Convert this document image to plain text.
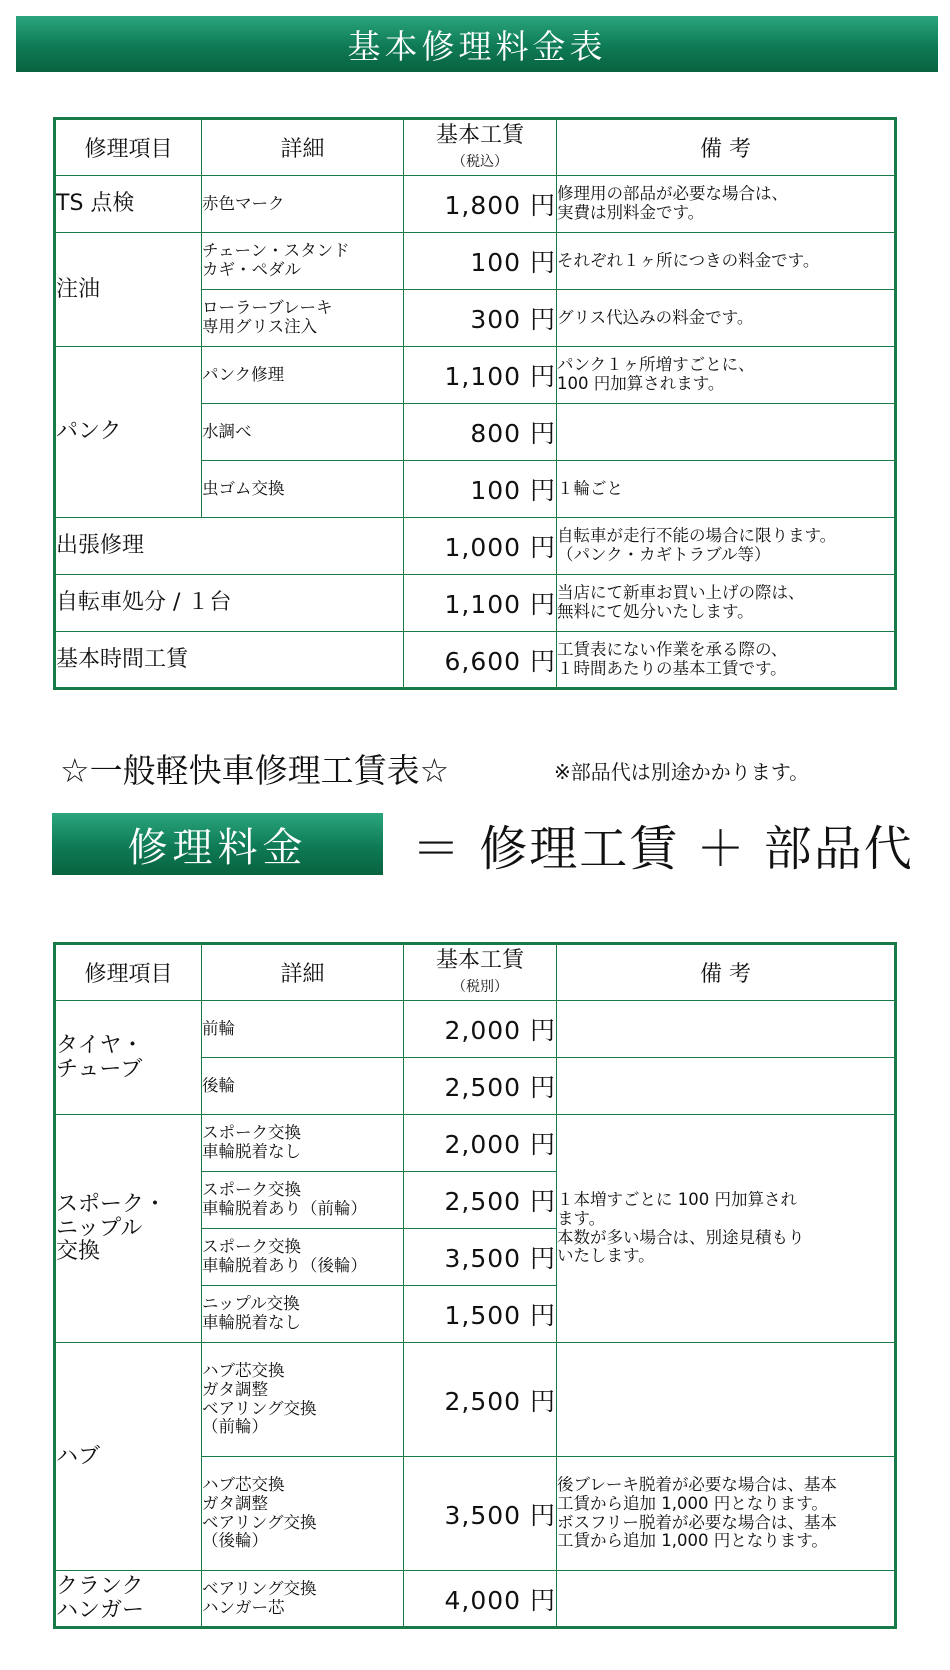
基本修理料金表
修理項目	詳細	基本工賃
（税込）	備 考
TS 点検	赤色マーク	1,800 円	修理用の部品が必要な場合は、
実費は別料金です。
注油	チェーン・スタンド
カギ・ペダル	100 円	それぞれ１ヶ所につきの料金です。
	ローラーブレーキ
専用グリス注入	300 円	グリス代込みの料金です。
パンク	パンク修理	1,100 円	パンク１ヶ所増すごとに、
100 円加算されます。
	水調べ	800 円	
	虫ゴム交換	100 円	１輪ごと
出張修理		1,000 円	自転車が走行不能の場合に限ります。
（パンク・カギトラブル等）
自転車処分 / １台		1,100 円	当店にて新車お買い上げの際は、
無料にて処分いたします。
基本時間工賃		6,600 円	工賃表にない作業を承る際の、
１時間あたりの基本工賃です。
☆一般軽快車修理工賃表☆	※部品代は別途かかります。
修理料金 ＝ 修理工賃 ＋ 部品代
修理項目	詳細	基本工賃
（税別）	備 考
タイヤ・
チューブ	前輪	2,000 円	
	後輪	2,500 円	
スポーク・
ニップル
交換	スポーク交換
車輪脱着なし	2,000 円	１本増すごとに 100 円加算され
ます。
本数が多い場合は、別途見積もり
いたします。
	スポーク交換
車輪脱着あり（前輪）	2,500 円	
	スポーク交換
車輪脱着あり（後輪）	3,500 円	
	ニップル交換
車輪脱着なし	1,500 円	
ハブ	ハブ芯交換
ガタ調整
ベアリング交換
（前輪）	2,500 円	
	ハブ芯交換
ガタ調整
ベアリング交換
（後輪）	3,500 円	後ブレーキ脱着が必要な場合は、基本
工賃から追加 1,000 円となります。
ボスフリー脱着が必要な場合は、基本
工賃から追加 1,000 円となります。
クランク
ハンガー	ベアリング交換
ハンガー芯	4,000 円	
